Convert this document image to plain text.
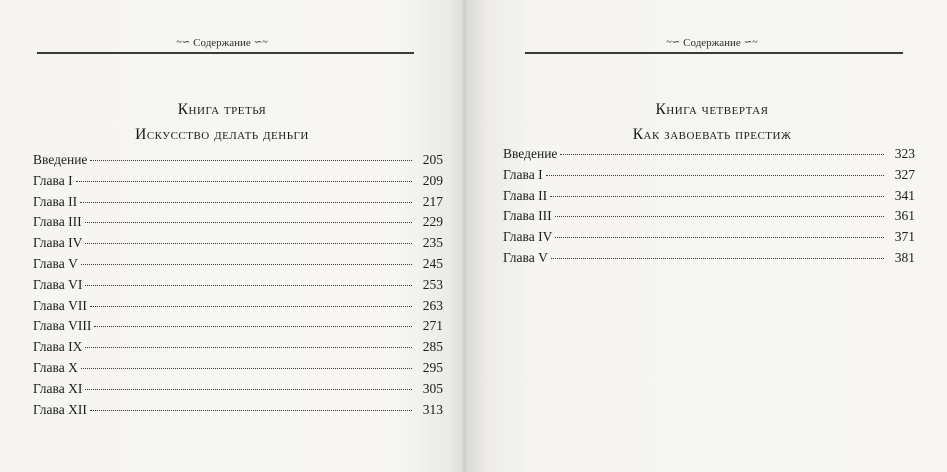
~∽ Содержание ∽~
Книга третья
Искусство делать деньги
Введение	205
Глава I	209
Глава II	217
Глава III	229
Глава IV	235
Глава V	245
Глава VI	253
Глава VII	263
Глава VIII	271
Глава IX	285
Глава X	295
Глава XI	305
Глава XII	313
~∽ Содержание ∽~
Книга четвертая
Как завоевать престиж
Введение	323
Глава I	327
Глава II	341
Глава III	361
Глава IV	371
Глава V	381
